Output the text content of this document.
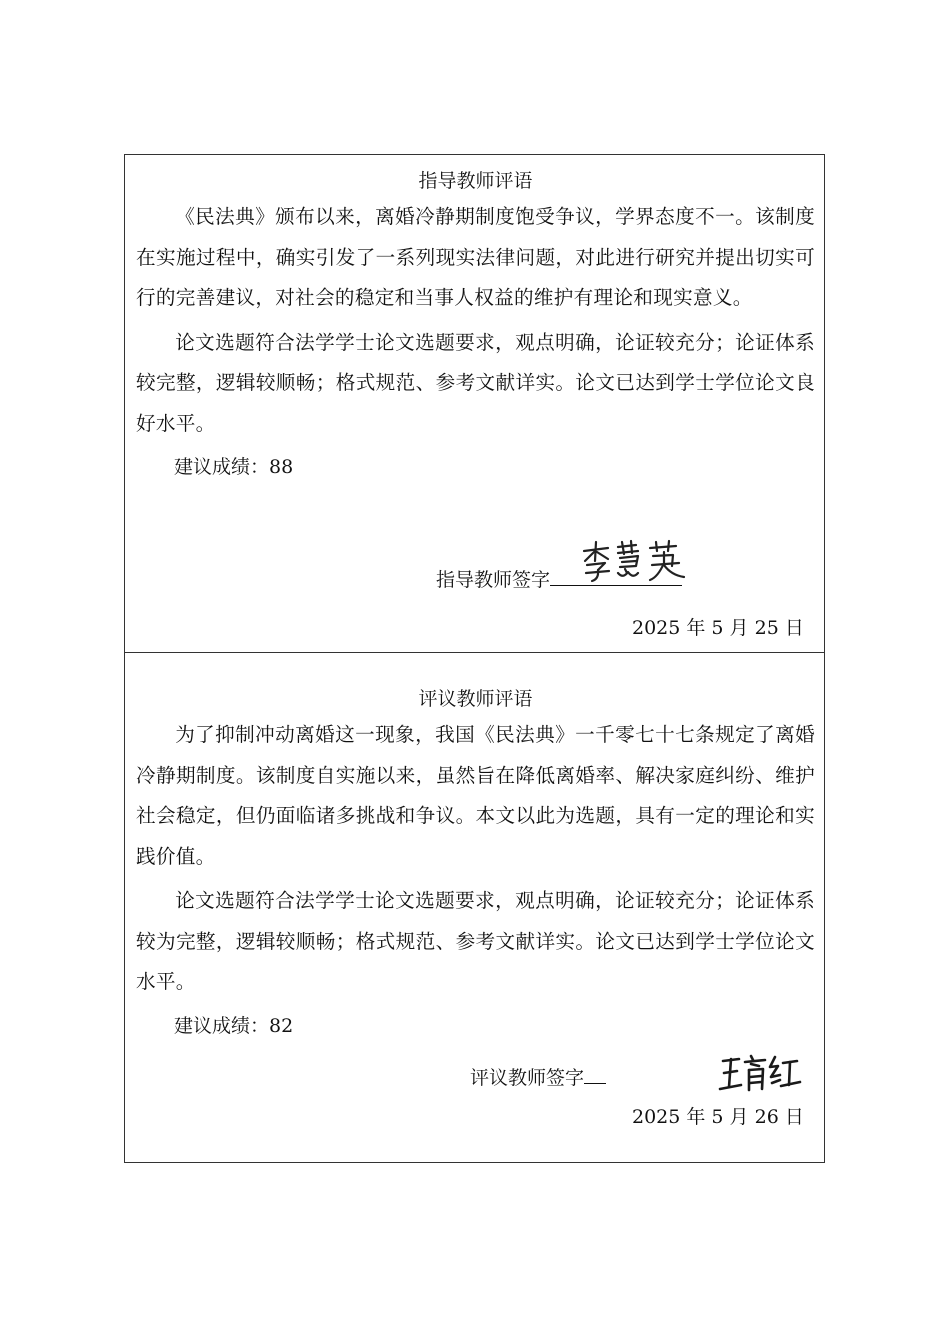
指导教师评语

《民法典》颁布以来，离婚冷静期制度饱受争议，学界态度不一。该制度在实施过程中，确实引发了一系列现实法律问题，对此进行研究并提出切实可行的完善建议，对社会的稳定和当事人权益的维护有理论和现实意义。

论文选题符合法学学士论文选题要求，观点明确，论证较充分；论证体系较完整，逻辑较顺畅；格式规范、参考文献详实。论文已达到学士学位论文良好水平。

建议成绩：88
指导教师签字
2025 年 5 月 25 日
评议教师评语

为了抑制冲动离婚这一现象，我国《民法典》一千零七十七条规定了离婚冷静期制度。该制度自实施以来，虽然旨在降低离婚率、解决家庭纠纷、维护社会稳定，但仍面临诸多挑战和争议。本文以此为选题，具有一定的理论和实践价值。

论文选题符合法学学士论文选题要求，观点明确，论证较充分；论证体系较为完整，逻辑较顺畅；格式规范、参考文献详实。论文已达到学士学位论文水平。

建议成绩：82
评议教师签字
2025 年 5 月 26 日
